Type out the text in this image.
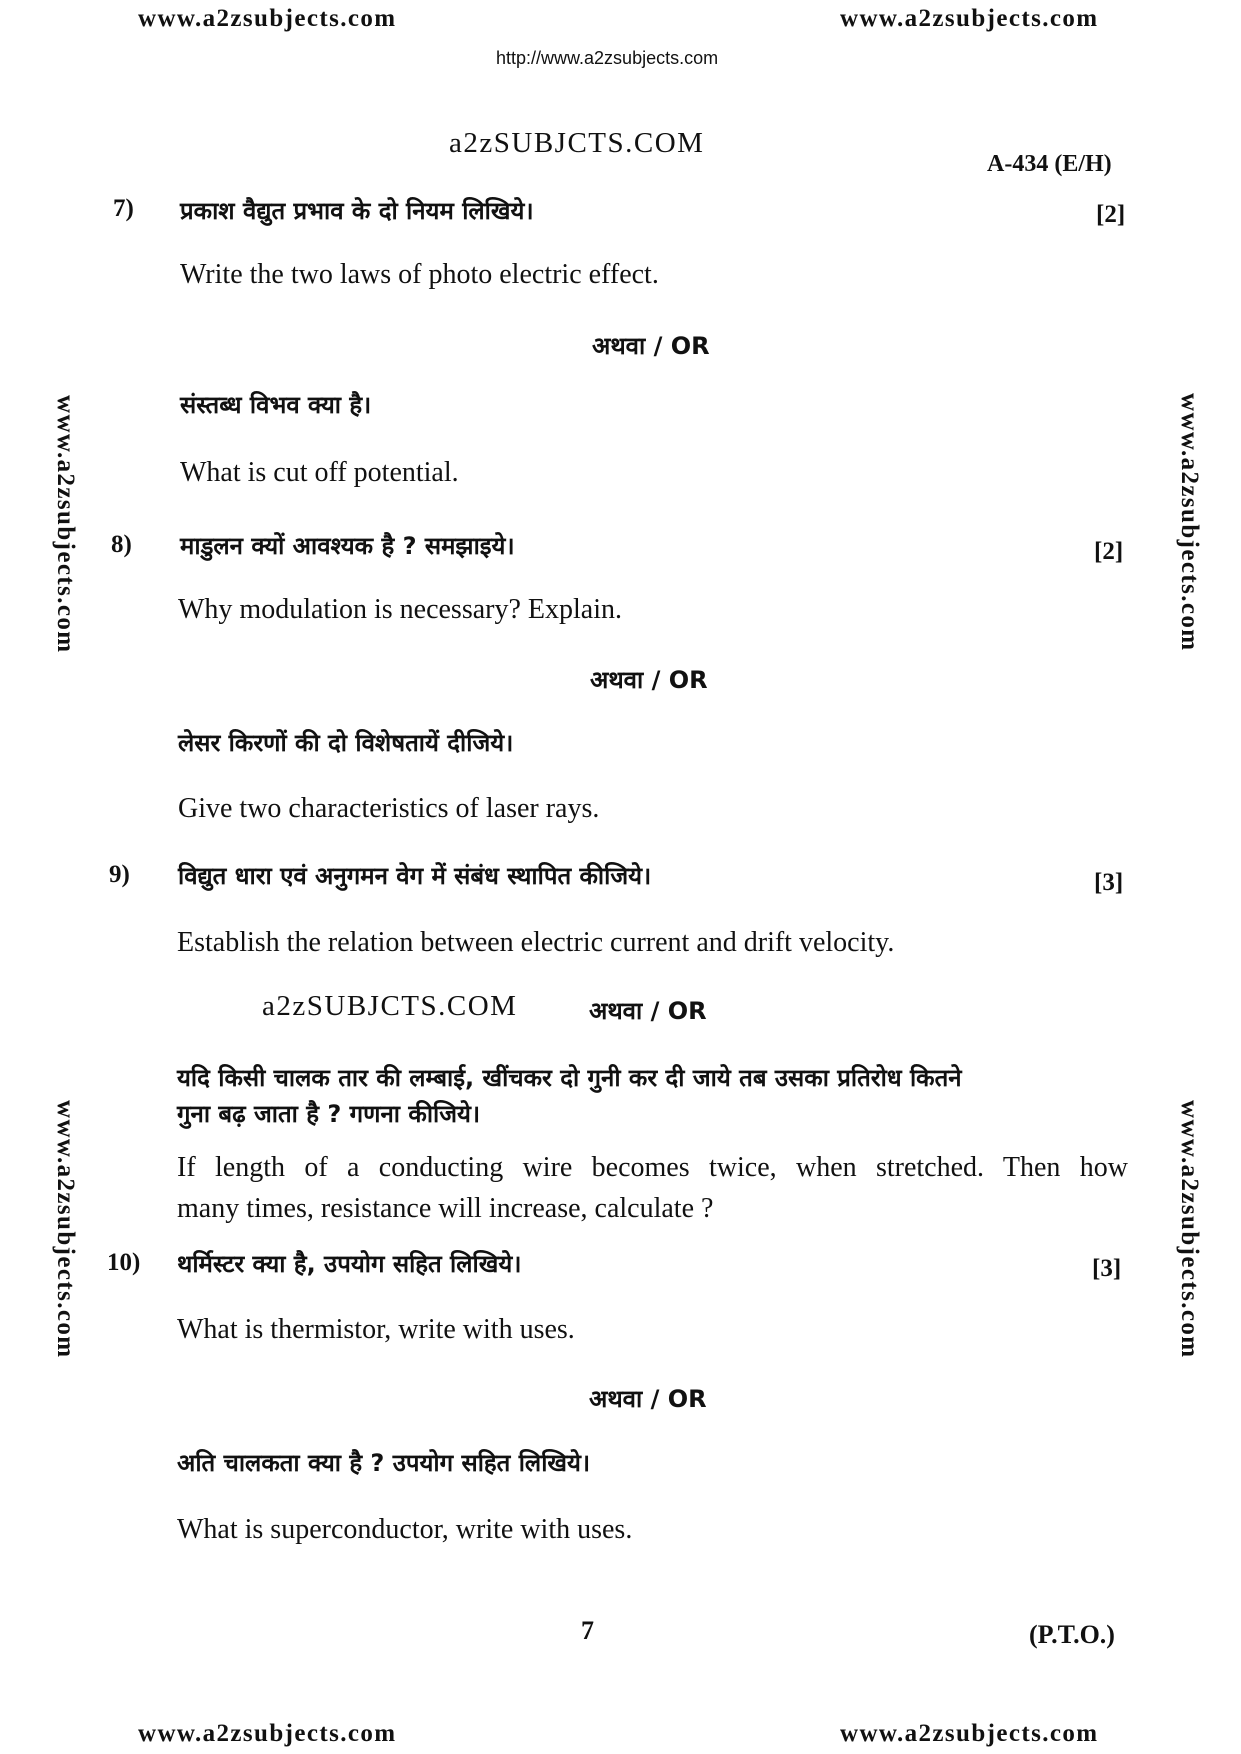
www.a2zsubjects.com	www.a2zsubjects.com
http://www.a2zsubjects.com
a2zSUBJCTS.COM
A-434 (E/H)
www.a2zsubjects.com
www.a2zsubjects.com
www.a2zsubjects.com
www.a2zsubjects.com
7) प्रकाश वैद्युत प्रभाव के दो नियम लिखिये।	[2]
Write the two laws of photo electric effect.
अथवा / OR
संस्तब्ध विभव क्या है।
What is cut off potential.
8) माडुलन क्यों आवश्यक है ? समझाइये।	[2]
Why modulation is necessary? Explain.
अथवा / OR
लेसर किरणों की दो विशेषतायें दीजिये।
Give two characteristics of laser rays.
9) विद्युत धारा एवं अनुगमन वेग में संबंध स्थापित कीजिये।	[3]
Establish the relation between electric current and drift velocity.
a2zSUBJCTS.COM	अथवा / OR
यदि किसी चालक तार की लम्बाई, खींचकर दो गुनी कर दी जाये तब उसका प्रतिरोध कितने
गुना बढ़ जाता है ? गणना कीजिये।
If length of a conducting wire becomes twice, when stretched. Then how
many times, resistance will increase, calculate ?
10) थर्मिस्टर क्या है, उपयोग सहित लिखिये।	[3]
What is thermistor, write with uses.
अथवा / OR
अति चालकता क्या है ? उपयोग सहित लिखिये।
What is superconductor, write with uses.
7	(P.T.O.)
www.a2zsubjects.com	www.a2zsubjects.com
